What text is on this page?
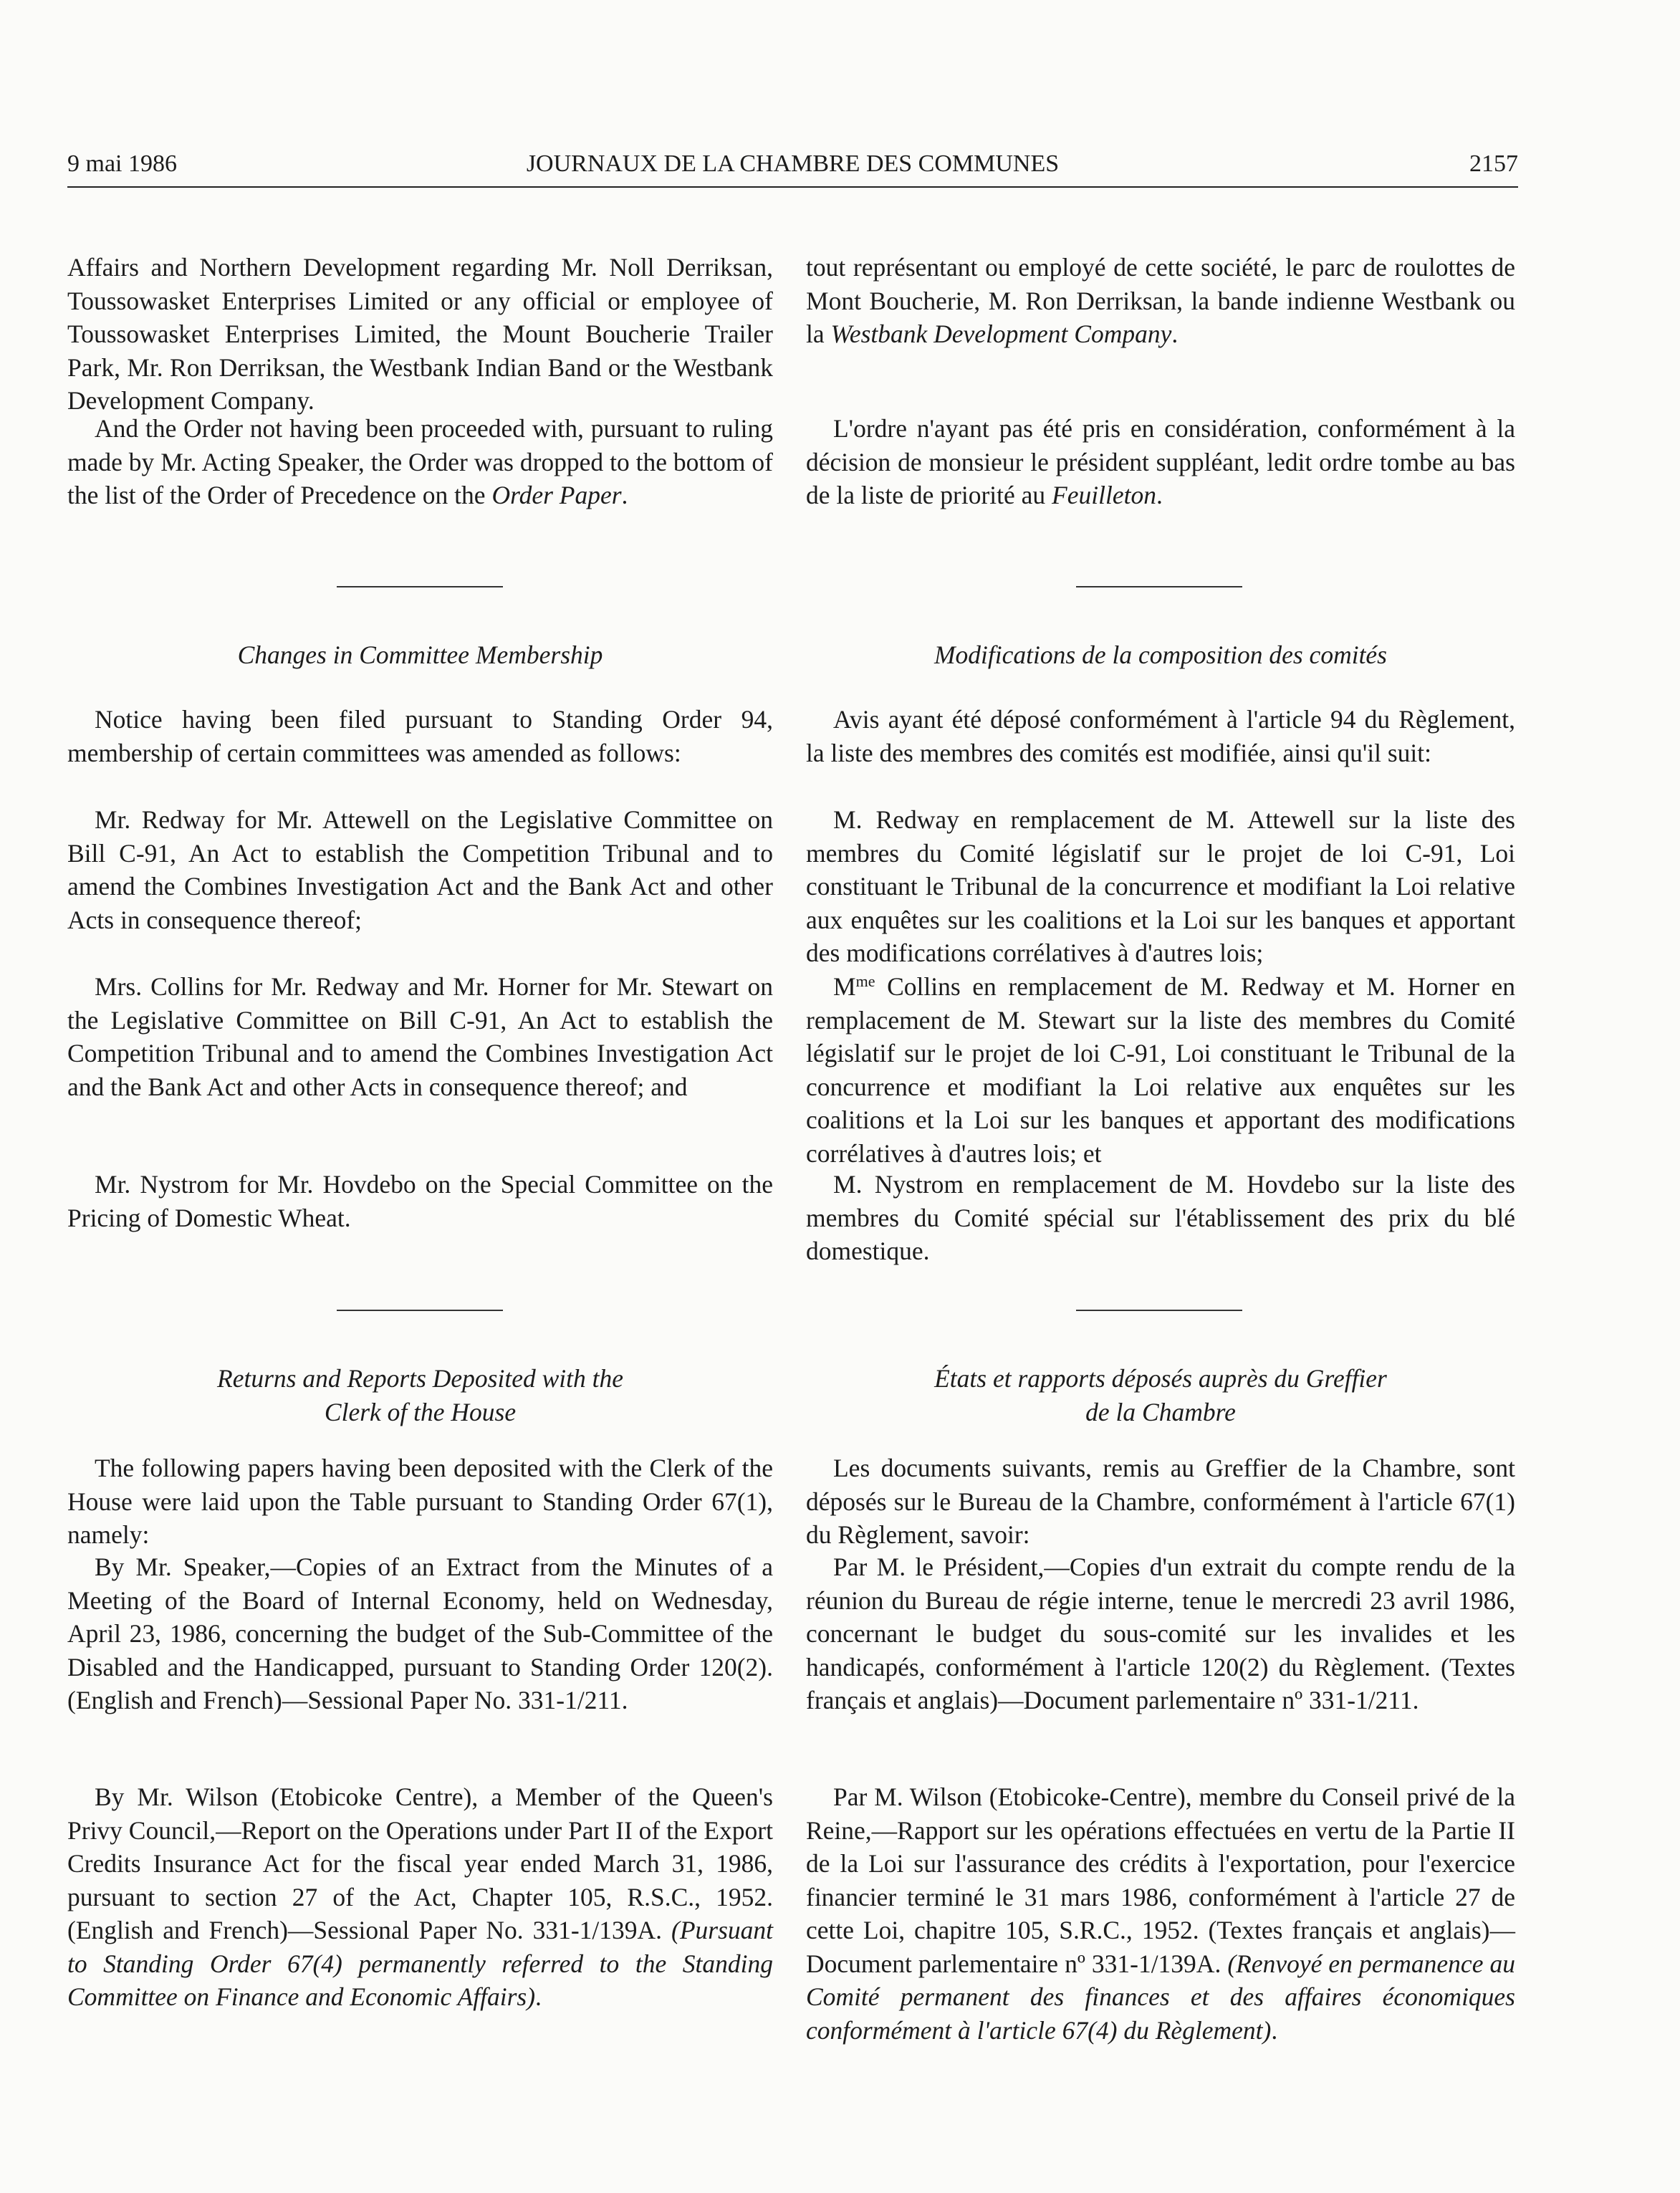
9 mai 1986	JOURNAUX DE LA CHAMBRE DES COMMUNES	2157

Affairs and Northern Development regarding Mr. Noll Derriksan, Toussowasket Enterprises Limited or any official or employee of Toussowasket Enterprises Limited, the Mount Boucherie Trailer Park, Mr. Ron Derriksan, the Westbank Indian Band or the Westbank Development Company.

And the Order not having been proceeded with, pursuant to ruling made by Mr. Acting Speaker, the Order was dropped to the bottom of the list of the Order of Precedence on the Order Paper.

Changes in Committee Membership

Notice having been filed pursuant to Standing Order 94, membership of certain committees was amended as follows:

Mr. Redway for Mr. Attewell on the Legislative Committee on Bill C-91, An Act to establish the Competition Tribunal and to amend the Combines Investigation Act and the Bank Act and other Acts in consequence thereof;

Mrs. Collins for Mr. Redway and Mr. Horner for Mr. Stewart on the Legislative Committee on Bill C-91, An Act to establish the Competition Tribunal and to amend the Combines Investigation Act and the Bank Act and other Acts in consequence thereof; and

Mr. Nystrom for Mr. Hovdebo on the Special Committee on the Pricing of Domestic Wheat.

Returns and Reports Deposited with the
Clerk of the House

The following papers having been deposited with the Clerk of the House were laid upon the Table pursuant to Standing Order 67(1), namely:

By Mr. Speaker,—Copies of an Extract from the Minutes of a Meeting of the Board of Internal Economy, held on Wednesday, April 23, 1986, concerning the budget of the Sub-Committee of the Disabled and the Handicapped, pursuant to Standing Order 120(2). (English and French)—Sessional Paper No. 331-1/211.

By Mr. Wilson (Etobicoke Centre), a Member of the Queen's Privy Council,—Report on the Operations under Part II of the Export Credits Insurance Act for the fiscal year ended March 31, 1986, pursuant to section 27 of the Act, Chapter 105, R.S.C., 1952. (English and French)—Sessional Paper No. 331-1/139A. (Pursuant to Standing Order 67(4) permanently referred to the Standing Committee on Finance and Economic Affairs).

tout représentant ou employé de cette société, le parc de roulottes de Mont Boucherie, M. Ron Derriksan, la bande indienne Westbank ou la Westbank Development Company.

L'ordre n'ayant pas été pris en considération, conformément à la décision de monsieur le président suppléant, ledit ordre tombe au bas de la liste de priorité au Feuilleton.

Modifications de la composition des comités

Avis ayant été déposé conformément à l'article 94 du Règlement, la liste des membres des comités est modifiée, ainsi qu'il suit:

M. Redway en remplacement de M. Attewell sur la liste des membres du Comité législatif sur le projet de loi C-91, Loi constituant le Tribunal de la concurrence et modifiant la Loi relative aux enquêtes sur les coalitions et la Loi sur les banques et apportant des modifications corrélatives à d'autres lois;

$M^{me}$ Collins en remplacement de M. Redway et M. Horner en remplacement de M. Stewart sur la liste des membres du Comité législatif sur le projet de loi C-91, Loi constituant le Tribunal de la concurrence et modifiant la Loi relative aux enquêtes sur les coalitions et la Loi sur les banques et apportant des modifications corrélatives à d'autres lois; et

M. Nystrom en remplacement de M. Hovdebo sur la liste des membres du Comité spécial sur l'établissement des prix du blé domestique.

États et rapports déposés auprès du Greffier
de la Chambre

Les documents suivants, remis au Greffier de la Chambre, sont déposés sur le Bureau de la Chambre, conformément à l'article 67(1) du Règlement, savoir:

Par M. le Président,—Copies d'un extrait du compte rendu de la réunion du Bureau de régie interne, tenue le mercredi 23 avril 1986, concernant le budget du sous-comité sur les invalides et les handicapés, conformément à l'article 120(2) du Règlement. (Textes français et anglais)—Document parlementaire nº 331-1/211.

Par M. Wilson (Etobicoke-Centre), membre du Conseil privé de la Reine,—Rapport sur les opérations effectuées en vertu de la Partie II de la Loi sur l'assurance des crédits à l'exportation, pour l'exercice financier terminé le 31 mars 1986, conformément à l'article 27 de cette Loi, chapitre 105, S.R.C., 1952. (Textes français et anglais)—Document parlementaire nº 331-1/139A. (Renvoyé en permanence au Comité permanent des finances et des affaires économiques conformément à l'article 67(4) du Règlement).
